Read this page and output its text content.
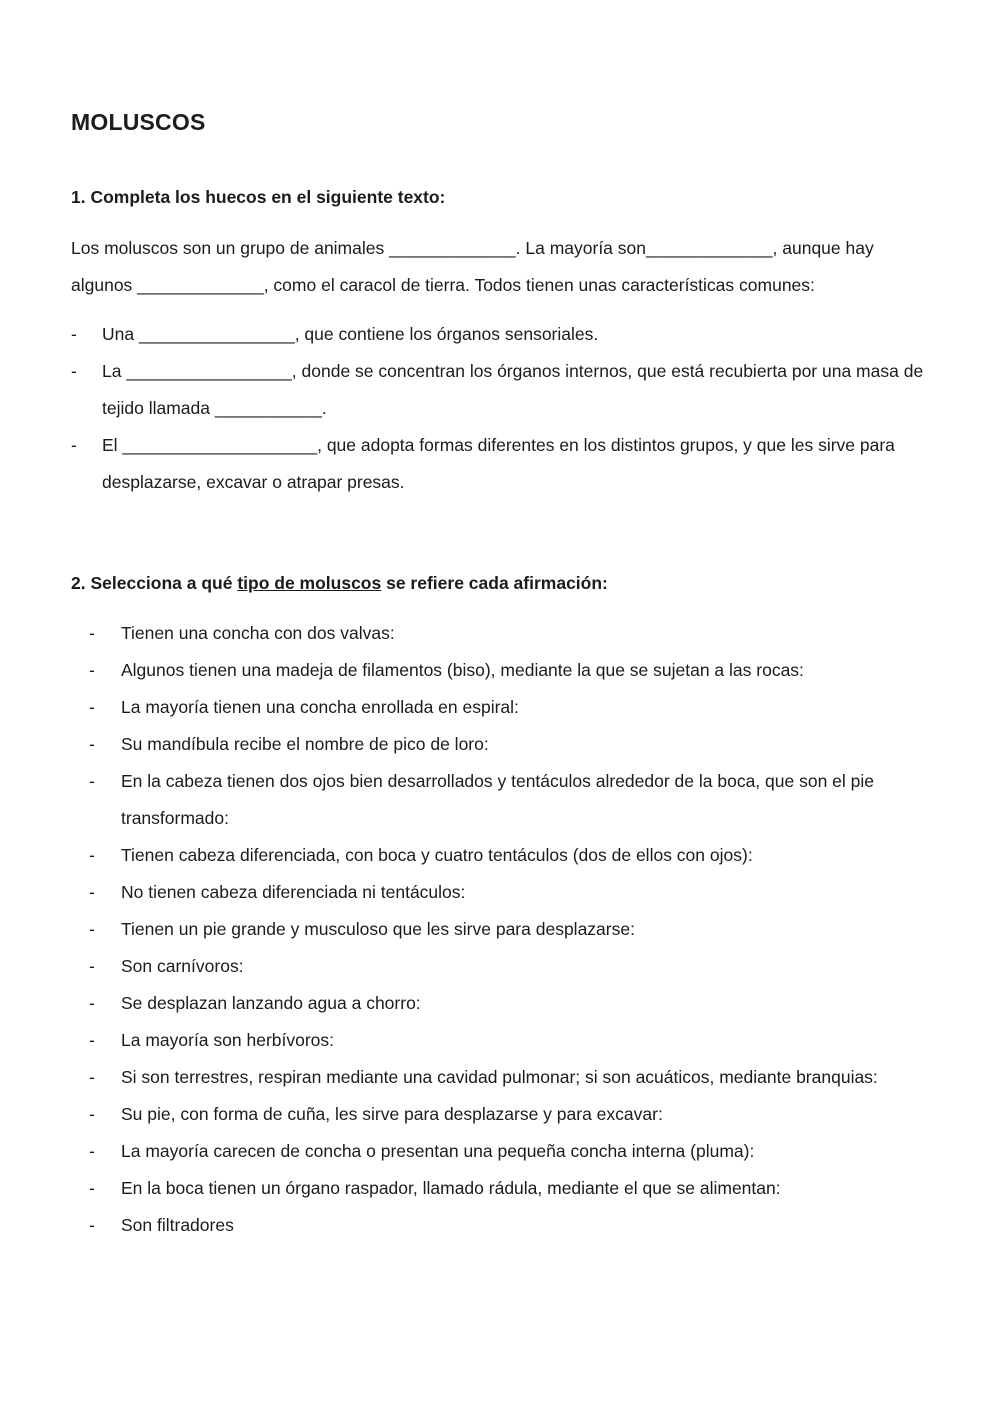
MOLUSCOS
1. Completa los huecos en el siguiente texto:

Los moluscos son un grupo de animales _____________. La mayoría son_____________, aunque hay algunos _____________, como el caracol de tierra. Todos tienen unas características comunes:

- Una ________________, que contiene los órganos sensoriales.
- La _________________, donde se concentran los órganos internos, que está recubierta por una masa de tejido llamada ___________.
- El ____________________, que adopta formas diferentes en los distintos grupos, y que les sirve para desplazarse, excavar o atrapar presas.
2. Selecciona a qué tipo de moluscos se refiere cada afirmación:
- Tienen una concha con dos valvas:
- Algunos tienen una madeja de filamentos (biso), mediante la que se sujetan a las rocas:
- La mayoría tienen una concha enrollada en espiral:
- Su mandíbula recibe el nombre de pico de loro:
- En la cabeza tienen dos ojos bien desarrollados y tentáculos alrededor de la boca, que son el pie transformado:
- Tienen cabeza diferenciada, con boca y cuatro tentáculos (dos de ellos con ojos):
- No tienen cabeza diferenciada ni tentáculos:
- Tienen un pie grande y musculoso que les sirve para desplazarse:
- Son carnívoros:
- Se desplazan lanzando agua a chorro:
- La mayoría son herbívoros:
- Si son terrestres, respiran mediante una cavidad pulmonar; si son acuáticos, mediante branquias:
- Su pie, con forma de cuña, les sirve para desplazarse y para excavar:
- La mayoría carecen de concha o presentan una pequeña concha interna (pluma):
- En la boca tienen un órgano raspador, llamado rádula, mediante el que se alimentan:
- Son filtradores
